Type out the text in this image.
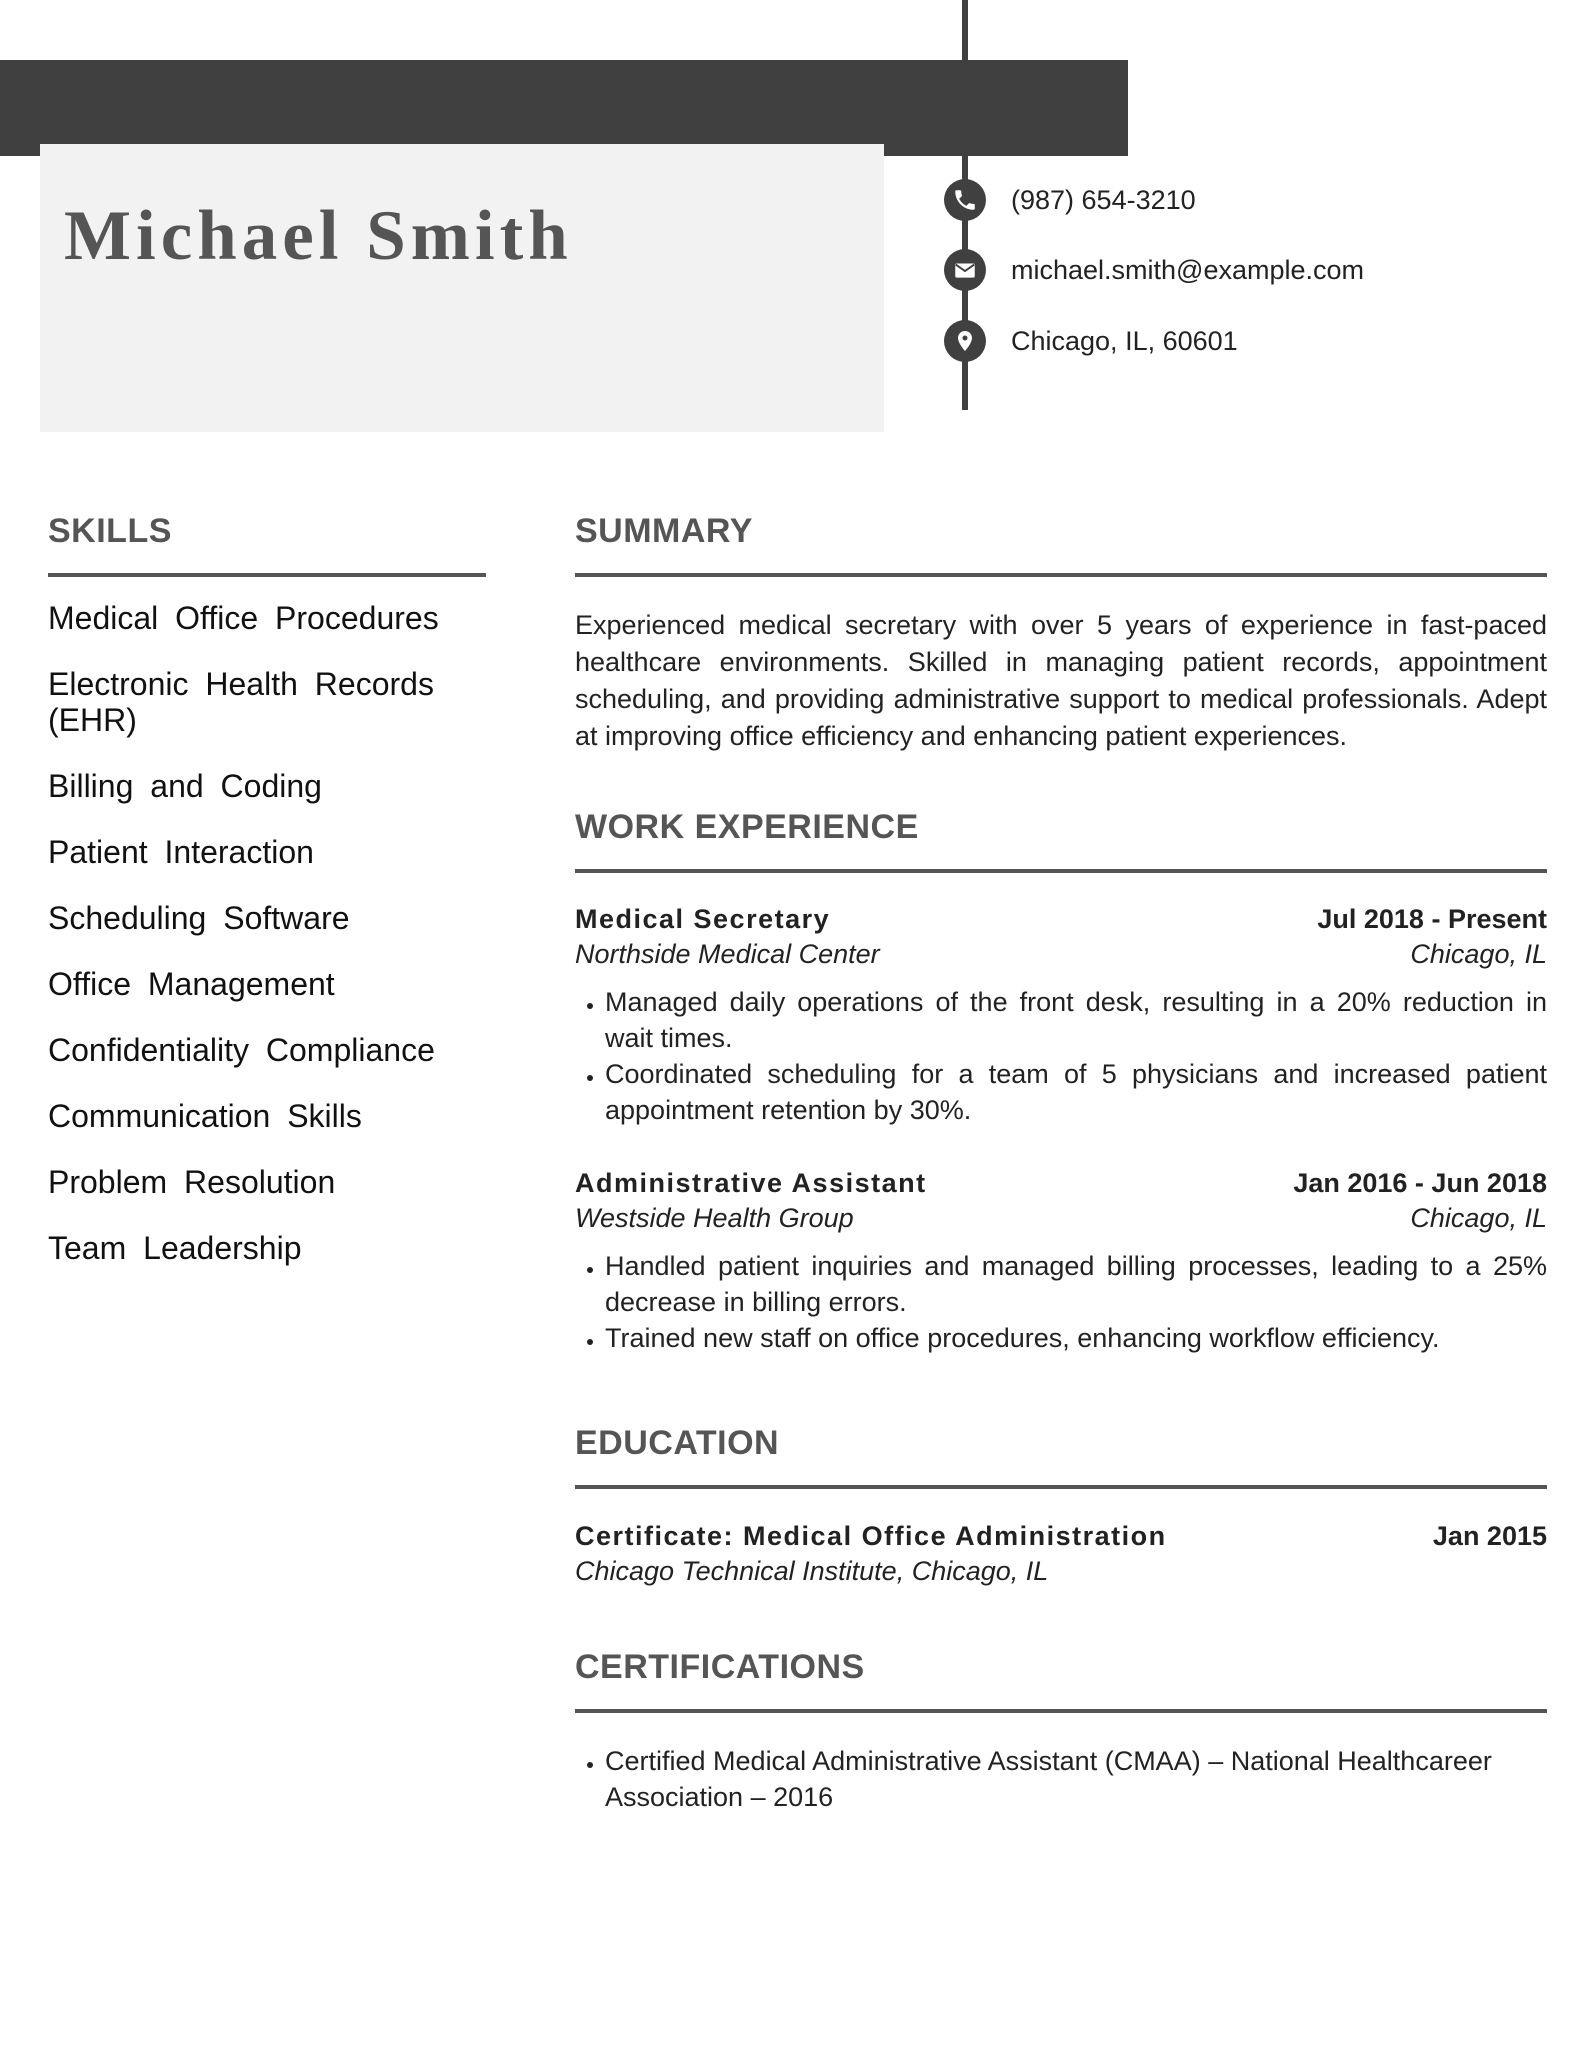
Michael Smith	(987) 654-3210
michael.smith@example.com
Chicago, IL, 60601
SKILLS
Medical Office Procedures
Electronic Health Records (EHR)
Billing and Coding
Patient Interaction
Scheduling Software
Office Management
Confidentiality Compliance
Communication Skills
Problem Resolution
Team Leadership
SUMMARY

Experienced medical secretary with over 5 years of experience in fast-paced healthcare environments. Skilled in managing patient records, appointment scheduling, and providing administrative support to medical professionals. Adept at improving office efficiency and enhancing patient experiences.

WORK EXPERIENCE
Medical Secretary	Jul 2018 - Present
Northside Medical Center	Chicago, IL
• Managed daily operations of the front desk, resulting in a 20% reduction in wait times.
• Coordinated scheduling for a team of 5 physicians and increased patient appointment retention by 30%.
Administrative Assistant	Jan 2016 - Jun 2018
Westside Health Group	Chicago, IL
• Handled patient inquiries and managed billing processes, leading to a 25% decrease in billing errors.
• Trained new staff on office procedures, enhancing workflow efficiency.
EDUCATION
Certificate: Medical Office Administration	Jan 2015
Chicago Technical Institute, Chicago, IL
CERTIFICATIONS
• Certified Medical Administrative Assistant (CMAA) – National Healthcareer Association – 2016
